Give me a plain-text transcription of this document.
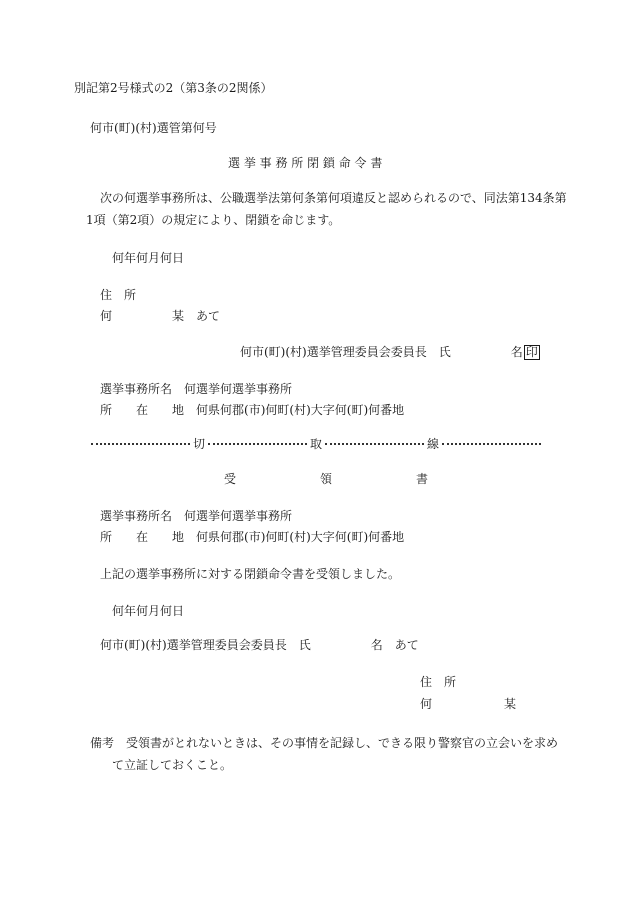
別記第2号様式の2（第3条の2関係）
何市(町)(村)選管第何号
選 挙 事 務 所 閉 鎖 命 令 書
次の何選挙事務所は、公職選挙法第何条第何項違反と認められるので、同法第134条第
1項（第2項）の規定により、閉鎖を命じます。
何年何月何日
住　所
何　　　　　某　あて
何市(町)(村)選挙管理委員会委員長　氏　　　　　名 印
選挙事務所名　 何選挙何選挙事務所
所　　在　　地　 何県何郡(市)何町(村)大字何(町)何番地
切	取	線
受　　　　　　　領　　　　　　　書
選挙事務所名　 何選挙何選挙事務所
所　　在　　地　 何県何郡(市)何町(村)大字何(町)何番地
上記の選挙事務所に対する閉鎖命令書を受領しました。
何年何月何日
何市(町)(村)選挙管理委員会委員長　氏　　　　　名　あて
住　所
何　　　　　　某
備考　受領書がとれないときは、その事情を記録し、できる限り警察官の立会いを求め
て立証しておくこと。
